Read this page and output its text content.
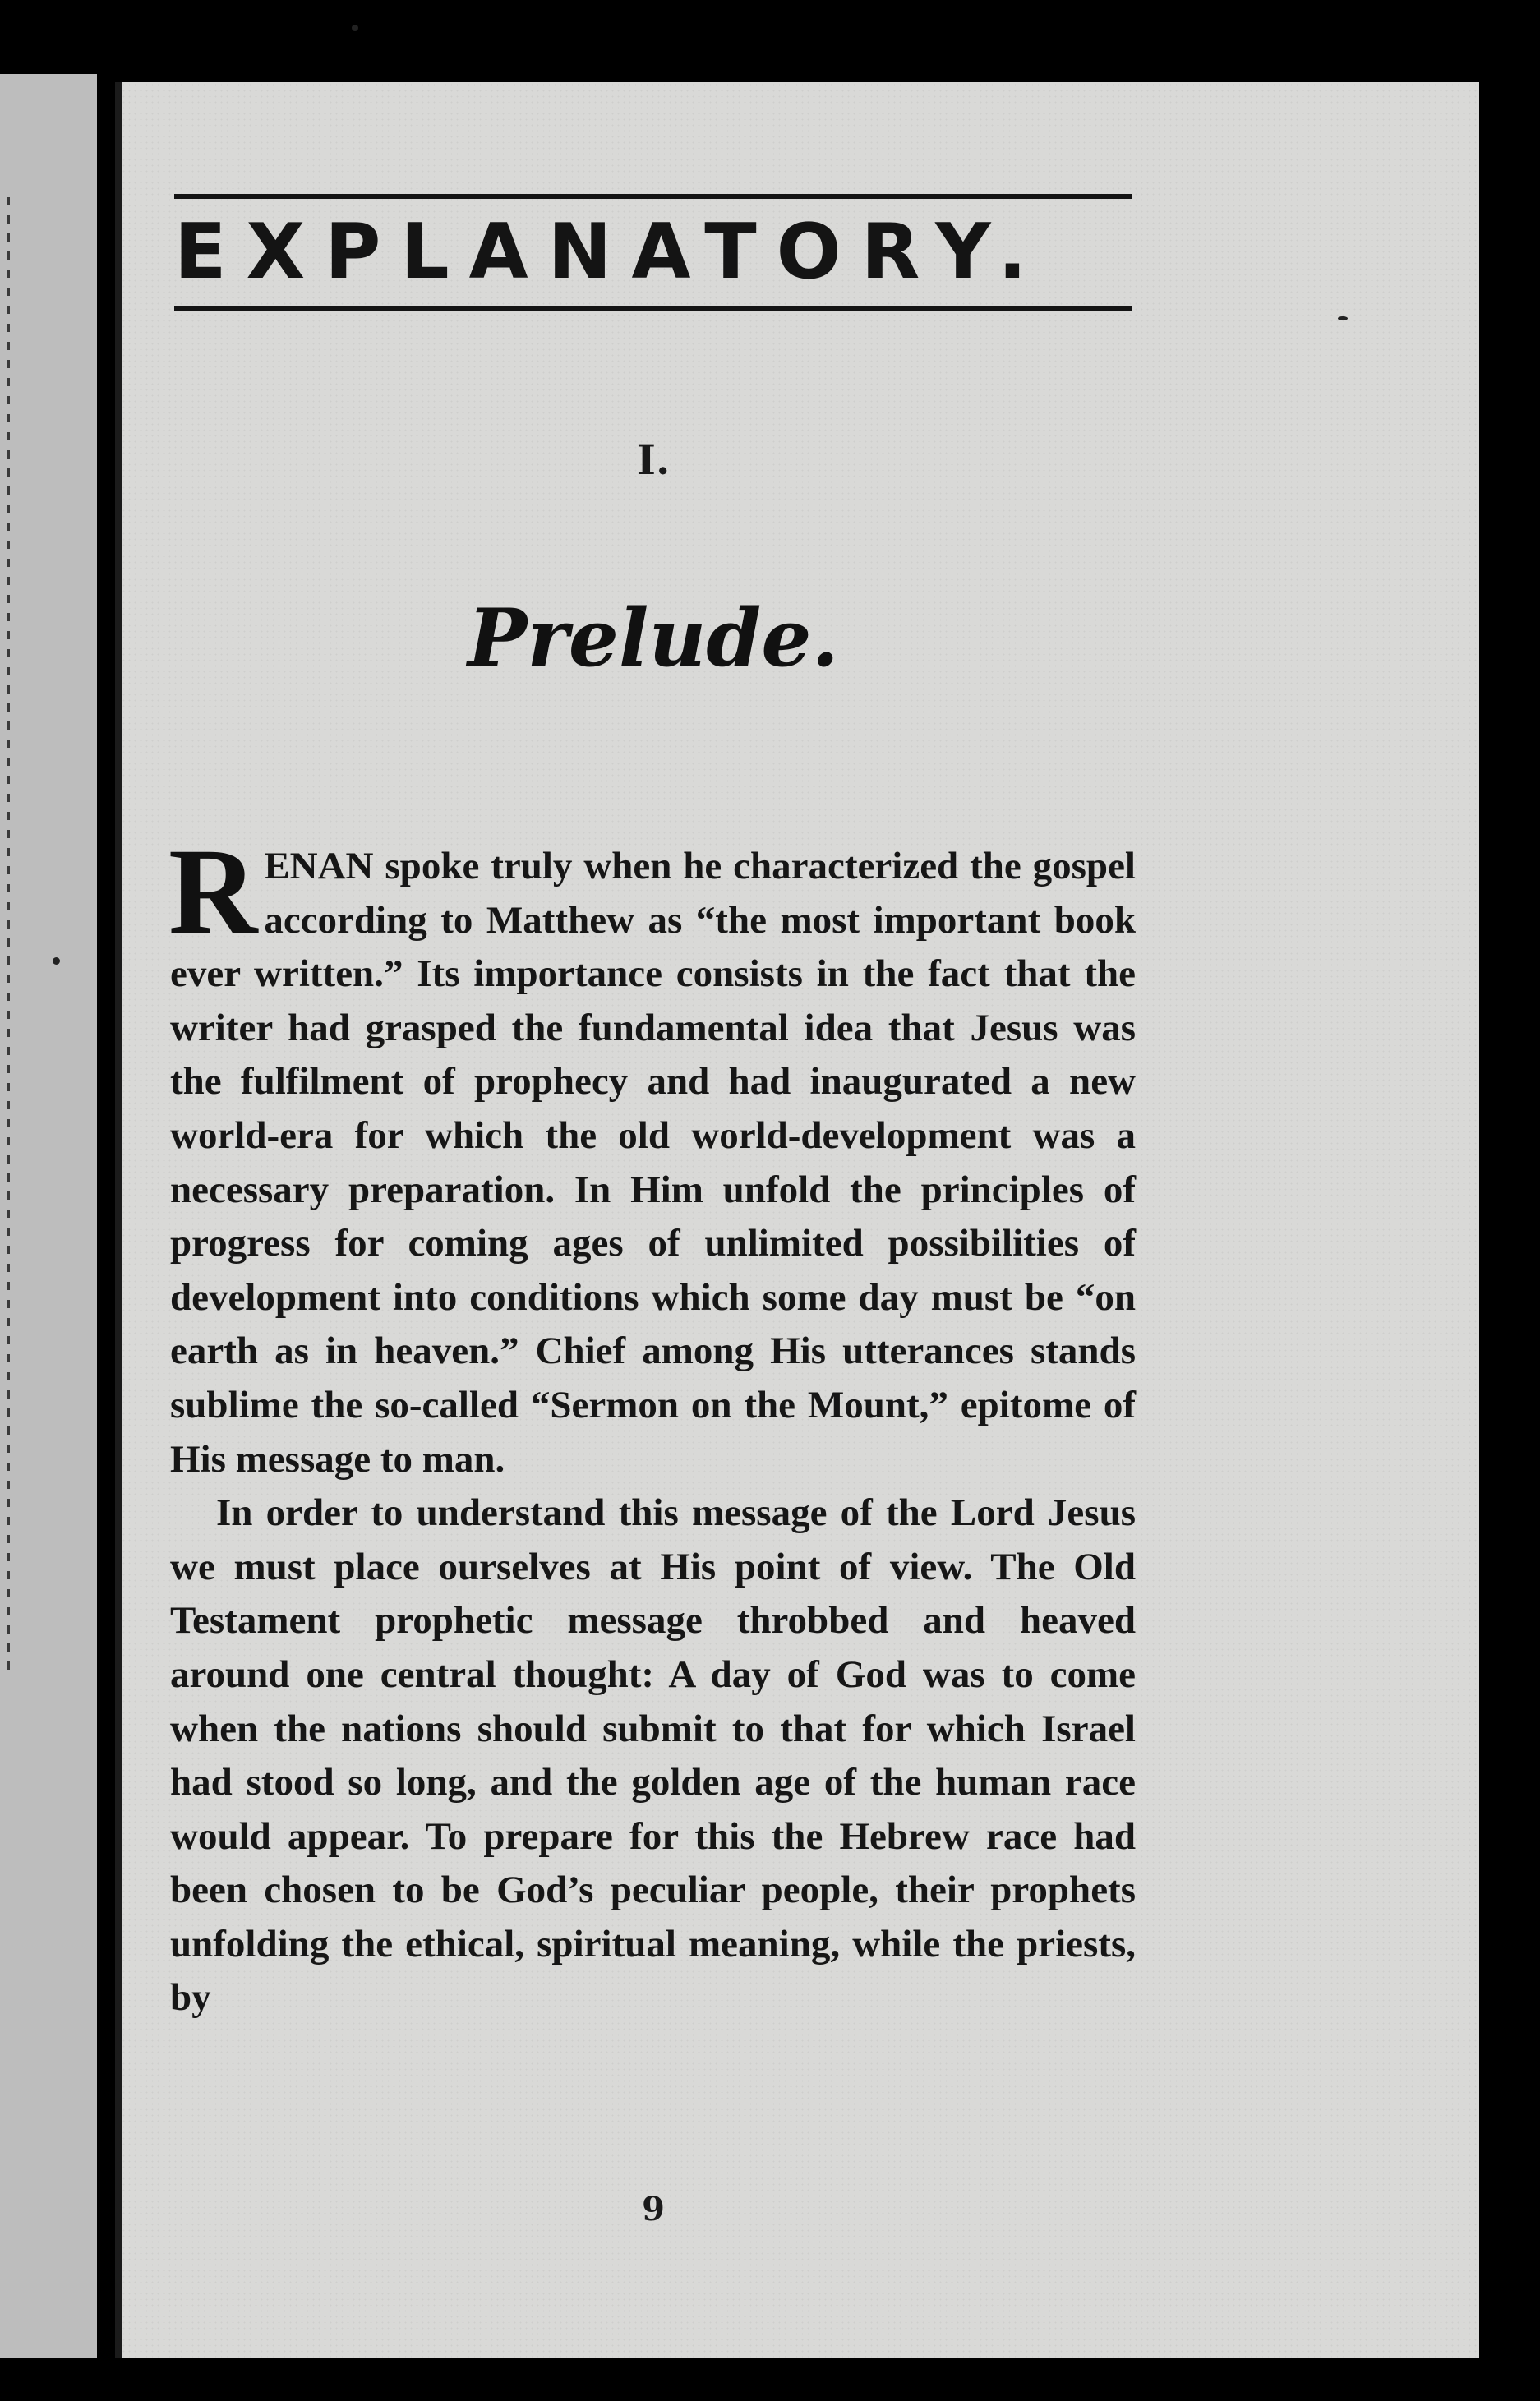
EXPLANATORY.
I.
Prelude.

RENAN spoke truly when he characterized the gospel according to Matthew as “the most important book ever written.” Its importance consists in the fact that the writer had grasped the fundamental idea that Jesus was the fulfilment of prophecy and had inaugurated a new world-era for which the old world-development was a necessary preparation. In Him unfold the principles of progress for coming ages of unlimited possibilities of development into conditions which some day must be “on earth as in heaven.” Chief among His utterances stands sublime the so-called “Sermon on the Mount,” epitome of His message to man.

In order to understand this message of the Lord Jesus we must place ourselves at His point of view. The Old Testament prophetic message throbbed and heaved around one central thought: A day of God was to come when the nations should submit to that for which Israel had stood so long, and the golden age of the human race would appear. To prepare for this the Hebrew race had been chosen to be God’s peculiar people, their prophets unfolding the ethical, spiritual meaning, while the priests, by

9
